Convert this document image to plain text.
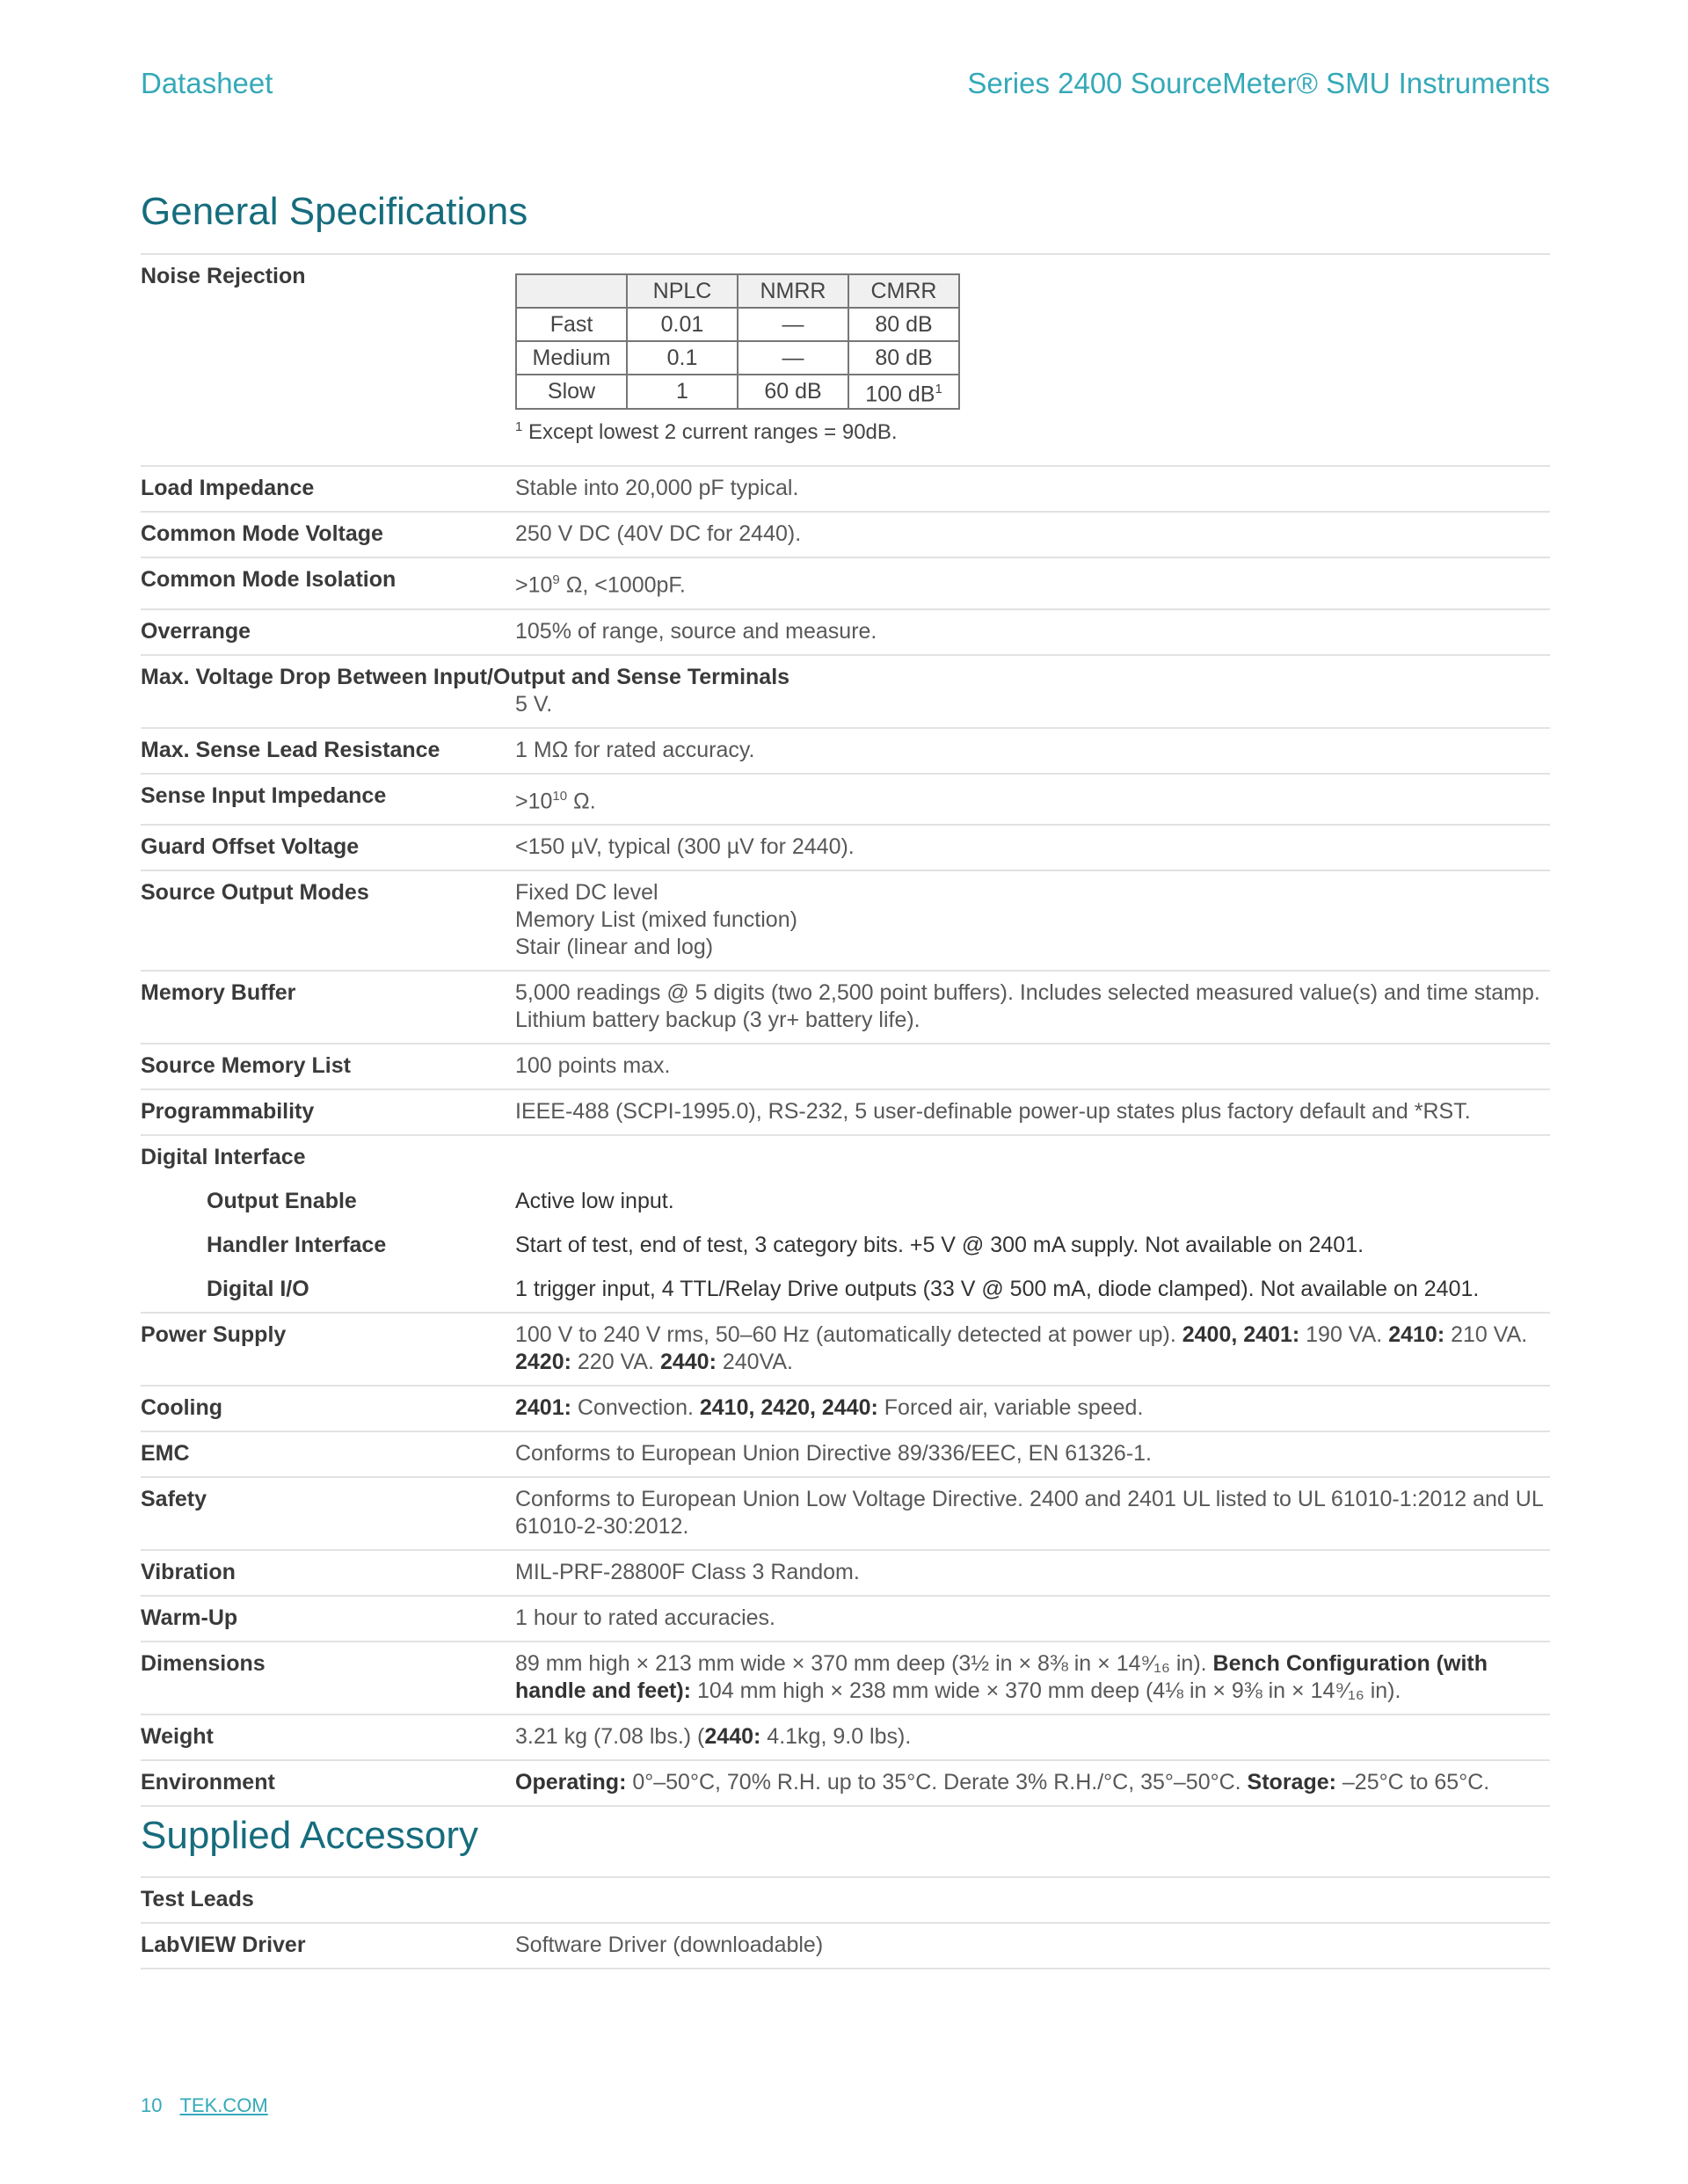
Datasheet	Series 2400 SourceMeter® SMU Instruments
General Specifications
Noise Rejection
	NPLC	NMRR	CMRR
Fast	0.01	—	80 dB
Medium	0.1	—	80 dB
Slow	1	60 dB	100 $dB^1$
$^1$ Except lowest 2 current ranges = 90dB.
Load Impedance	Stable into 20,000 pF typical.
Common Mode Voltage	250 V DC (40V DC for 2440).
Common Mode Isolation	$>10^9$ Ω, <1000pF.
Overrange	105% of range, source and measure.
Max. Voltage Drop Between Input/Output and Sense Terminals
5 V.
Max. Sense Lead Resistance	1 MΩ for rated accuracy.
Sense Input Impedance	$>10^{10}$ Ω.
Guard Offset Voltage	<150 µV, typical (300 µV for 2440).
Source Output Modes	Fixed DC level
Memory List (mixed function)
Stair (linear and log)
Memory Buffer	5,000 readings @ 5 digits (two 2,500 point buffers). Includes selected measured value(s) and time stamp. Lithium battery backup (3 yr+ battery life).
Source Memory List	100 points max.
Programmability	IEEE-488 (SCPI-1995.0), RS-232, 5 user-definable power-up states plus factory default and *RST.
Digital Interface
Output Enable	Active low input.
Handler Interface	Start of test, end of test, 3 category bits. +5 V @ 300 mA supply. Not available on 2401.
Digital I/O	1 trigger input, 4 TTL/Relay Drive outputs (33 V @ 500 mA, diode clamped). Not available on 2401.
Power Supply	100 V to 240 V rms, 50–60 Hz (automatically detected at power up). 2400, 2401: 190 VA. 2410: 210 VA. 2420: 220 VA. 2440: 240VA.
Cooling	2401: Convection. 2410, 2420, 2440: Forced air, variable speed.
EMC	Conforms to European Union Directive 89/336/EEC, EN 61326-1.
Safety	Conforms to European Union Low Voltage Directive. 2400 and 2401 UL listed to UL 61010-1:2012 and UL 61010-2-30:2012.
Vibration	MIL-PRF-28800F Class 3 Random.
Warm-Up	1 hour to rated accuracies.
Dimensions	89 mm high × 213 mm wide × 370 mm deep (3½ in × 8⅜ in × 14⁹⁄₁₆ in). Bench Configuration (with handle and feet): 104 mm high × 238 mm wide × 370 mm deep (4⅛ in × 9⅜ in × 14⁹⁄₁₆ in).
Weight	3.21 kg (7.08 lbs.) (2440: 4.1kg, 9.0 lbs).
Environment	Operating: 0°–50°C, 70% R.H. up to 35°C. Derate 3% R.H./°C, 35°–50°C. Storage: –25°C to 65°C.
Supplied Accessory
Test Leads
LabVIEW Driver	Software Driver (downloadable)
10 TEK.COM
